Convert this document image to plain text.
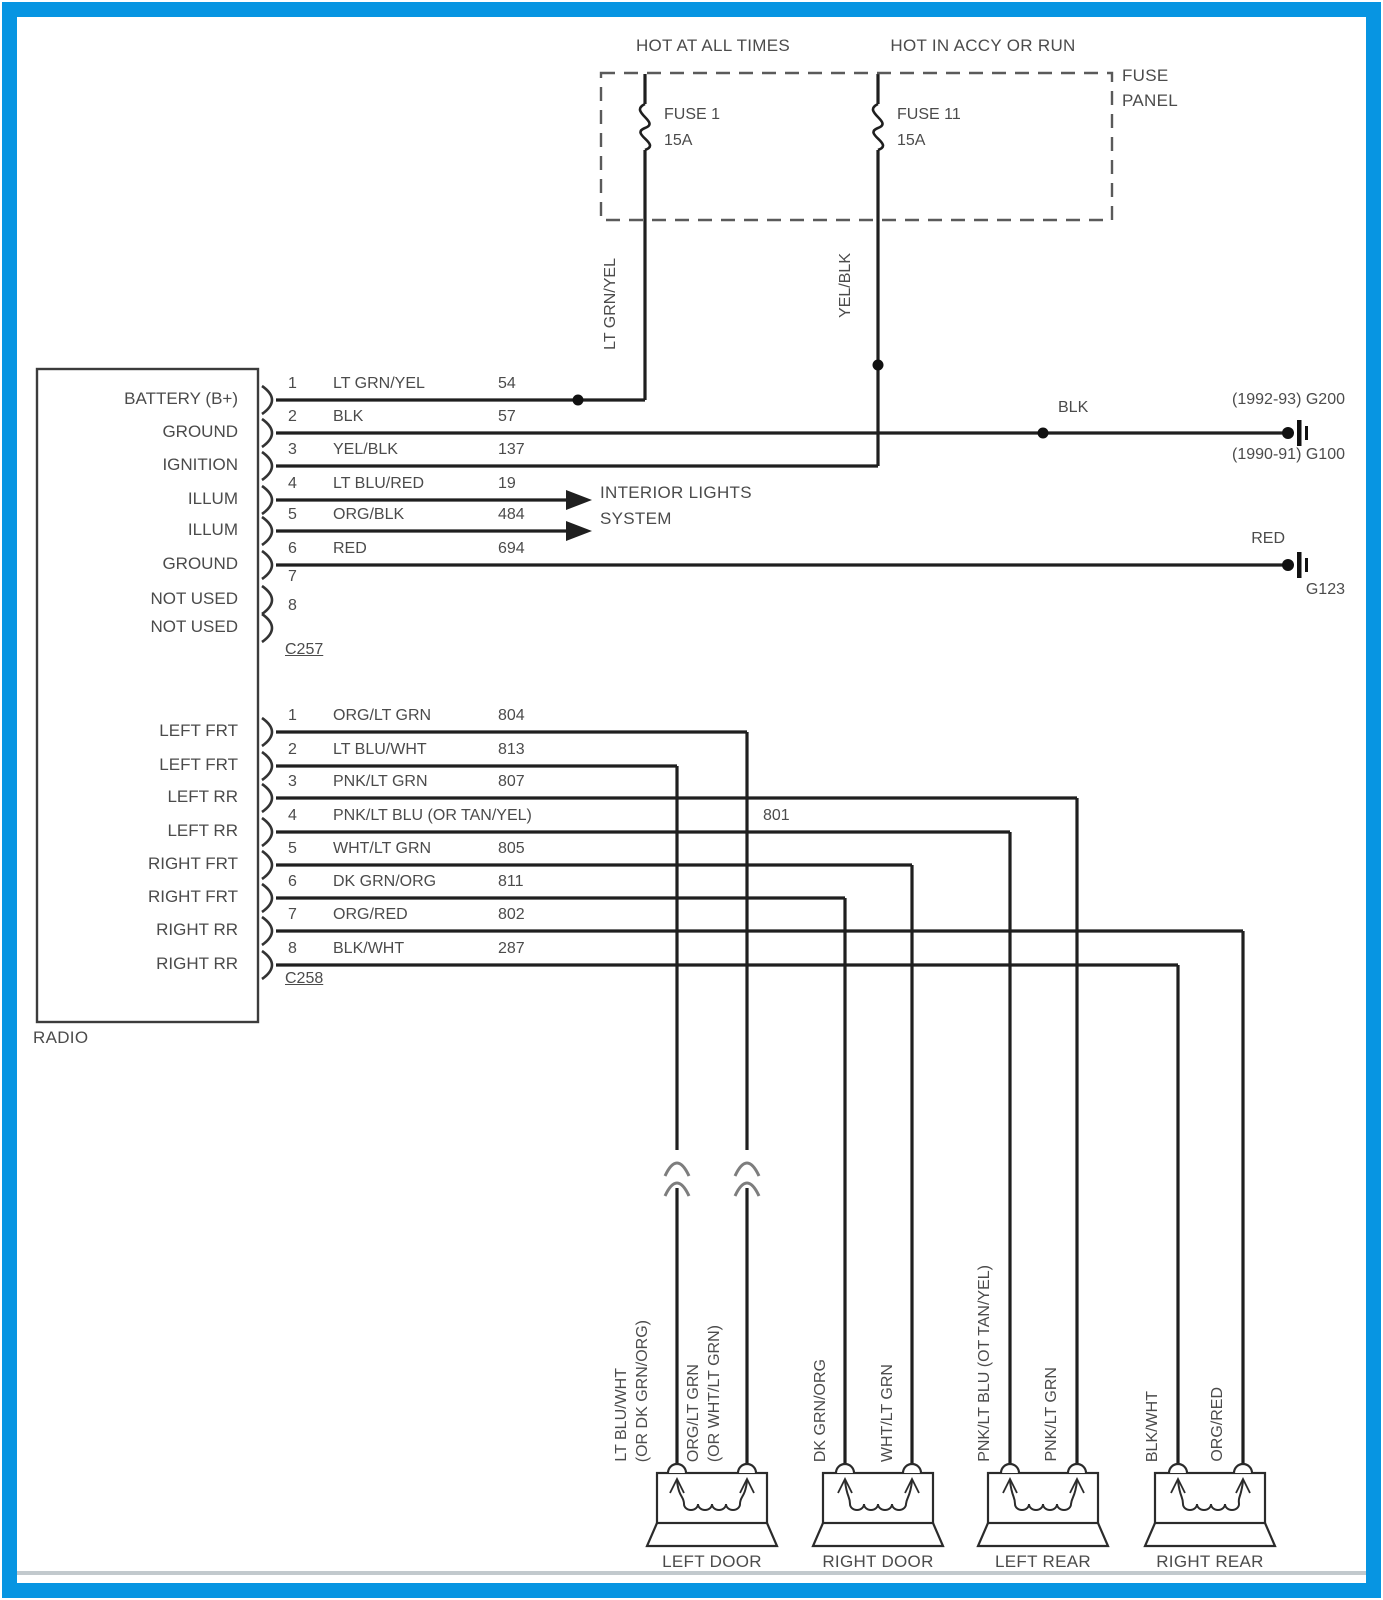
HOT AT ALL TIMES	HOT IN ACCY OR RUN
FUSE
PANEL
FUSE 1
15A
FUSE 11
15A
LT GRN/YEL	YEL/BLK
BATTERY (B+)
GROUND
IGNITION
ILLUM
ILLUM
GROUND
NOT USED
NOT USED
1 LT GRN/YEL	54
2 BLK	57
3 YEL/BLK	137
4 LT BLU/RED	19
5 ORG/BLK	484
6 RED	694
7
8
C257
INTERIOR LIGHTS
SYSTEM
BLK	(1992-93) G200
(1990-91) G100
RED
G123
LEFT FRT
LEFT FRT
LEFT RR
LEFT RR
RIGHT FRT
RIGHT FRT
RIGHT RR
RIGHT RR
1 ORG/LT GRN	804
2 LT BLU/WHT	813
3 PNK/LT GRN	807
4 PNK/LT BLU (OR TAN/YEL)	801
5 WHT/LT GRN	805
6 DK GRN/ORG	811
7 ORG/RED	802
8 BLK/WHT	287
C258
RADIO
LT BLU/WHT (OR DK GRN/ORG) ORG/LT GRN (OR WHT/LT GRN)	DK GRN/ORG	WHT/LT GRN	PNK/LT BLU (OT TAN/YEL)	PNK/LT GRN	BLK/WHT	ORG/RED
LEFT DOOR	RIGHT DOOR	LEFT REAR	RIGHT REAR
